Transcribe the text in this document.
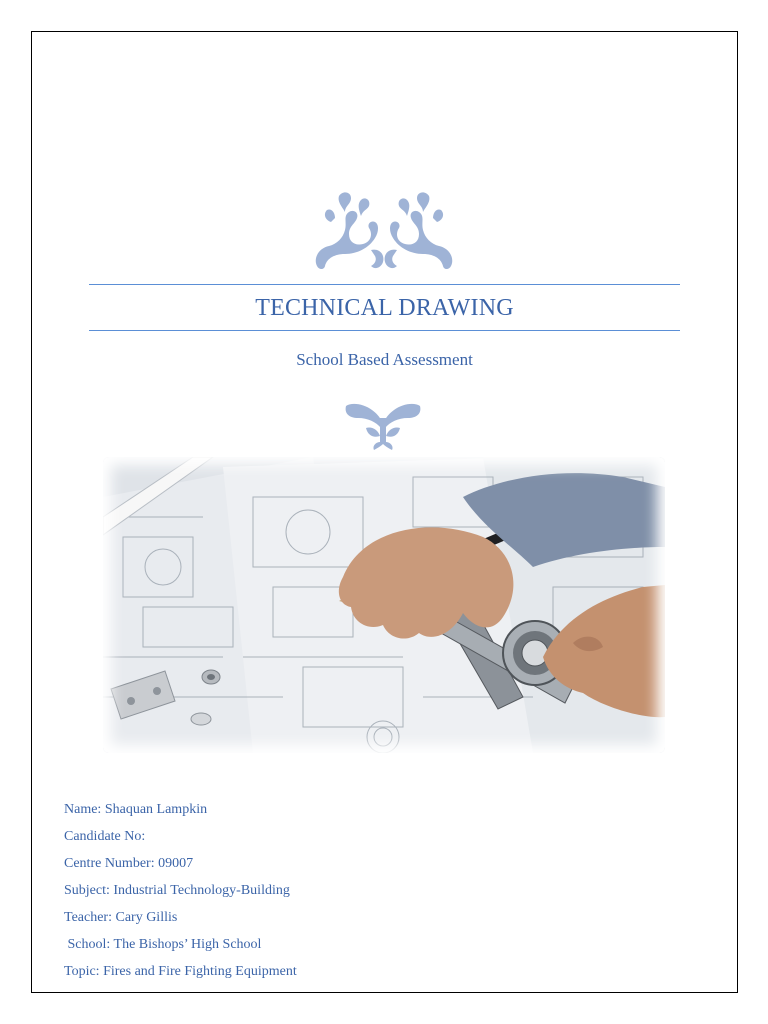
TECHNICAL DRAWING
School Based Assessment
Name: Shaquan Lampkin
Candidate No:
Centre Number: 09007
Subject: Industrial Technology-Building
Teacher: Cary Gillis
School: The Bishops’ High School
Topic: Fires and Fire Fighting Equipment
